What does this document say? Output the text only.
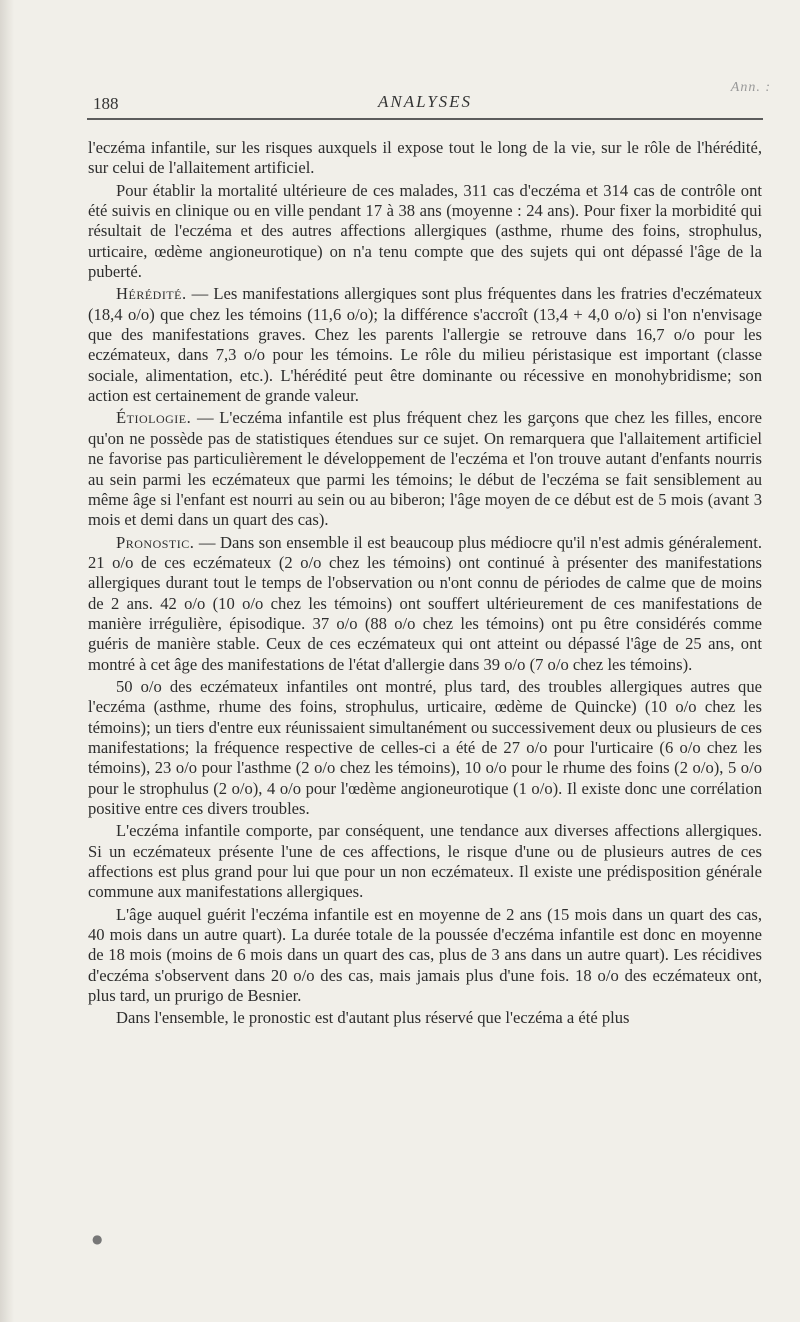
188	ANALYSES
Ann. :

l'eczéma infantile, sur les risques auxquels il expose tout le long de la vie, sur le rôle de l'hérédité, sur celui de l'allaitement artificiel.

Pour établir la mortalité ultérieure de ces malades, 311 cas d'eczéma et 314 cas de contrôle ont été suivis en clinique ou en ville pendant 17 à 38 ans (moyenne : 24 ans). Pour fixer la morbidité qui résultait de l'eczéma et des autres affections allergiques (asthme, rhume des foins, strophulus, urticaire, œdème angioneurotique) on n'a tenu compte que des sujets qui ont dépassé l'âge de la puberté.

Hérédité. — Les manifestations allergiques sont plus fréquentes dans les fratries d'eczémateux (18,4 o/o) que chez les témoins (11,6 o/o); la différence s'accroît (13,4 + 4,0 o/o) si l'on n'envisage que des manifestations graves. Chez les parents l'allergie se retrouve dans 16,7 o/o pour les eczémateux, dans 7,3 o/o pour les témoins. Le rôle du milieu péristasique est important (classe sociale, alimentation, etc.). L'hérédité peut être dominante ou récessive en monohybridisme; son action est certainement de grande valeur.

Étiologie. — L'eczéma infantile est plus fréquent chez les garçons que chez les filles, encore qu'on ne possède pas de statistiques étendues sur ce sujet. On remarquera que l'allaitement artificiel ne favorise pas particulièrement le développement de l'eczéma et l'on trouve autant d'enfants nourris au sein parmi les eczémateux que parmi les témoins; le début de l'eczéma se fait sensiblement au même âge si l'enfant est nourri au sein ou au biberon; l'âge moyen de ce début est de 5 mois (avant 3 mois et demi dans un quart des cas).

Pronostic. — Dans son ensemble il est beaucoup plus médiocre qu'il n'est admis généralement. 21 o/o de ces eczémateux (2 o/o chez les témoins) ont continué à présenter des manifestations allergiques durant tout le temps de l'observation ou n'ont connu de périodes de calme que de moins de 2 ans. 42 o/o (10 o/o chez les témoins) ont souffert ultérieurement de ces manifestations de manière irrégulière, épisodique. 37 o/o (88 o/o chez les témoins) ont pu être considérés comme guéris de manière stable. Ceux de ces eczémateux qui ont atteint ou dépassé l'âge de 25 ans, ont montré à cet âge des manifestations de l'état d'allergie dans 39 o/o (7 o/o chez les témoins).

50 o/o des eczémateux infantiles ont montré, plus tard, des troubles allergiques autres que l'eczéma (asthme, rhume des foins, strophulus, urticaire, œdème de Quincke) (10 o/o chez les témoins); un tiers d'entre eux réunissaient simultanément ou successivement deux ou plusieurs de ces manifestations; la fréquence respective de celles-ci a été de 27 o/o pour l'urticaire (6 o/o chez les témoins), 23 o/o pour l'asthme (2 o/o chez les témoins), 10 o/o pour le rhume des foins (2 o/o), 5 o/o pour le strophulus (2 o/o), 4 o/o pour l'œdème angioneurotique (1 o/o). Il existe donc une corrélation positive entre ces divers troubles.

L'eczéma infantile comporte, par conséquent, une tendance aux diverses affections allergiques. Si un eczémateux présente l'une de ces affections, le risque d'une ou de plusieurs autres de ces affections est plus grand pour lui que pour un non eczémateux. Il existe une prédisposition générale commune aux manifestations allergiques.

L'âge auquel guérit l'eczéma infantile est en moyenne de 2 ans (15 mois dans un quart des cas, 40 mois dans un autre quart). La durée totale de la poussée d'eczéma infantile est donc en moyenne de 18 mois (moins de 6 mois dans un quart des cas, plus de 3 ans dans un autre quart). Les récidives d'eczéma s'observent dans 20 o/o des cas, mais jamais plus d'une fois. 18 o/o des eczémateux ont, plus tard, un prurigo de Besnier.

Dans l'ensemble, le pronostic est d'autant plus réservé que l'eczéma a été plus

●
